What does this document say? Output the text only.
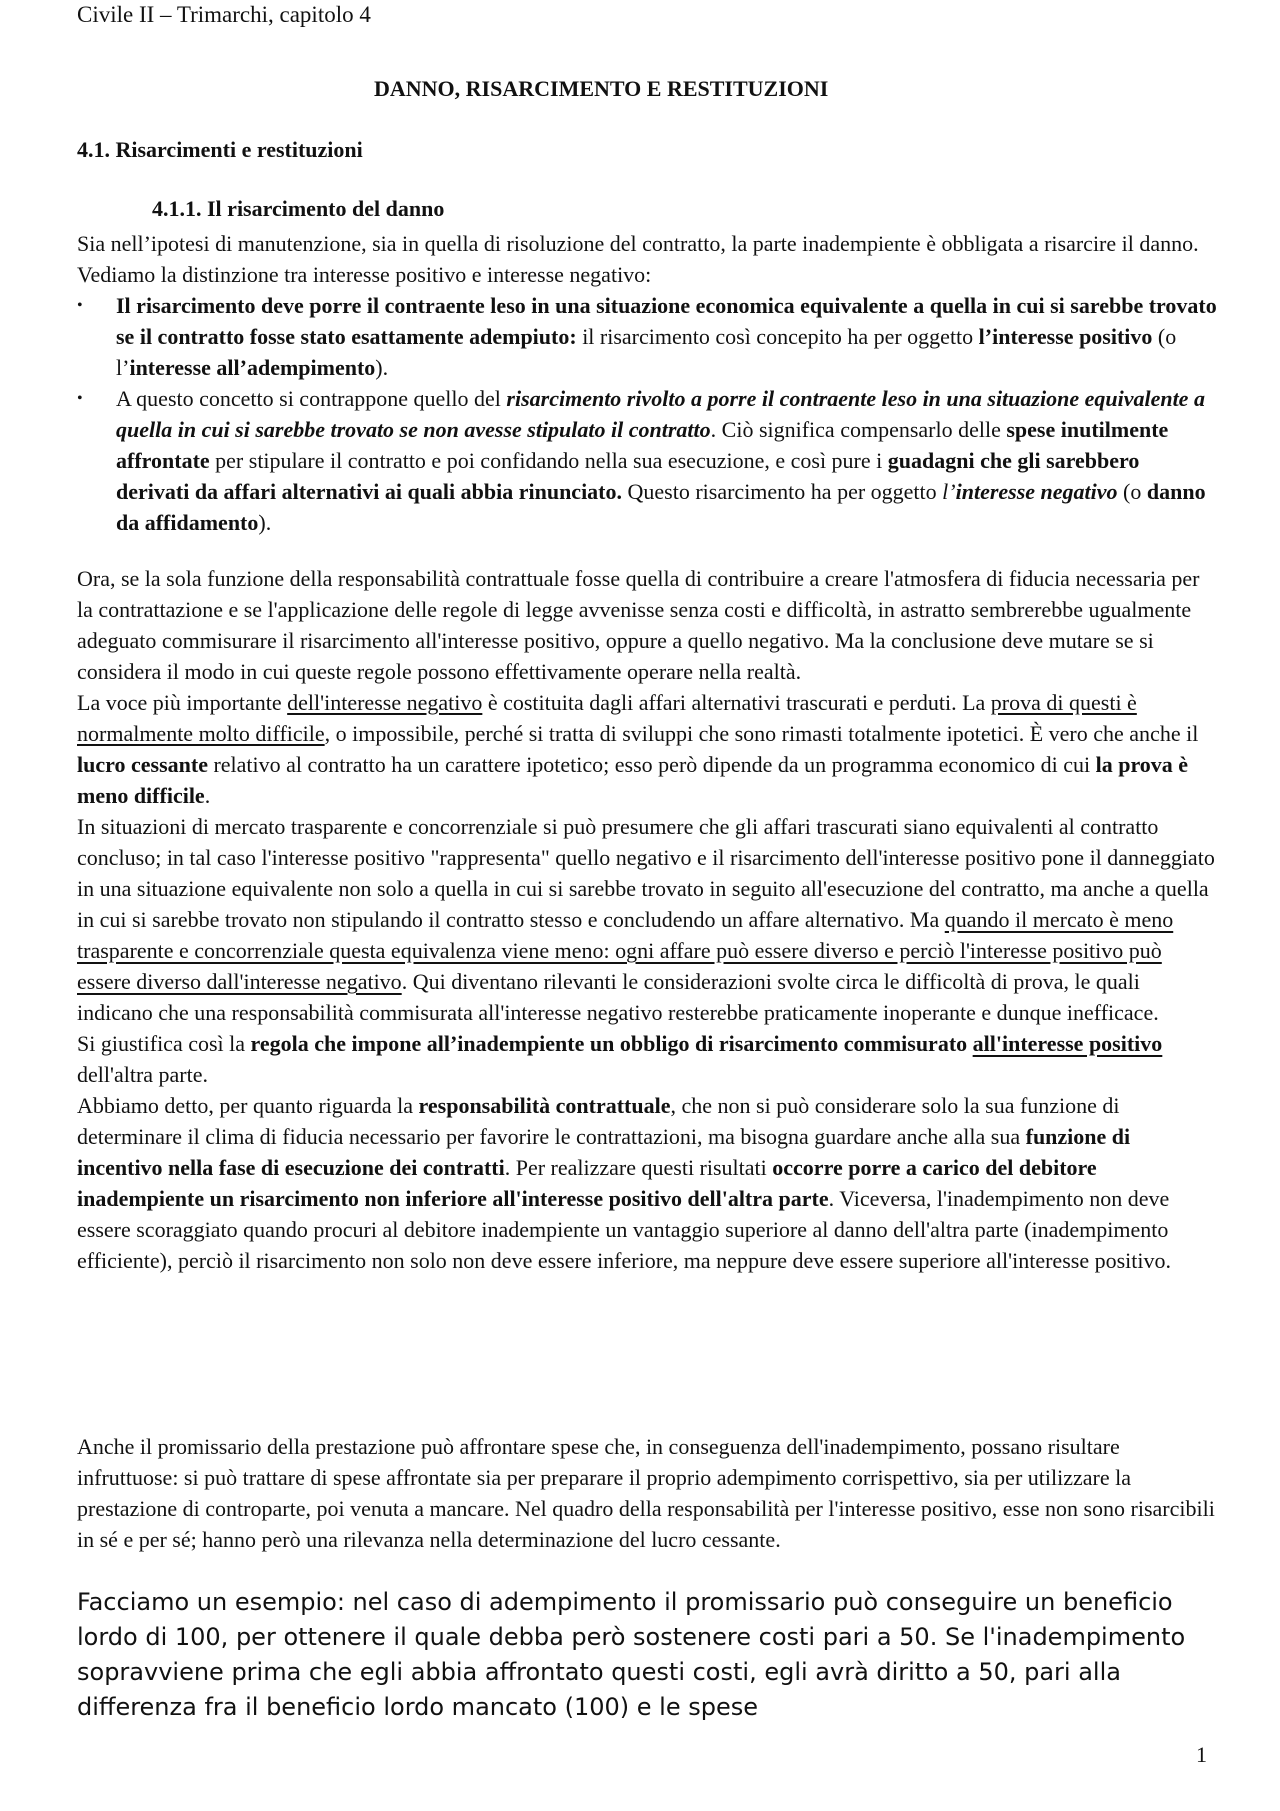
Civile II – Trimarchi, capitolo 4
DANNO, RISARCIMENTO E RESTITUZIONI
4.1. Risarcimenti e restituzioni
4.1.1. Il risarcimento del danno

Sia nell’ipotesi di manutenzione, sia in quella di risoluzione del contratto, la parte inadempiente è obbligata a risarcire il danno. Vediamo la distinzione tra interesse positivo e interesse negativo:

• Il risarcimento deve porre il contraente leso in una situazione economica equivalente a quella in cui si sarebbe trovato se il contratto fosse stato esattamente adempiuto: il risarcimento così concepito ha per oggetto l’interesse positivo (o l’interesse all’adempimento).
• A questo concetto si contrappone quello del risarcimento rivolto a porre il contraente leso in una situazione equivalente a quella in cui si sarebbe trovato se non avesse stipulato il contratto. Ciò significa compensarlo delle spese inutilmente affrontate per stipulare il contratto e poi confidando nella sua esecuzione, e così pure i guadagni che gli sarebbero derivati da affari alternativi ai quali abbia rinunciato. Questo risarcimento ha per oggetto l’interesse negativo (o danno da affidamento).

Ora, se la sola funzione della responsabilità contrattuale fosse quella di contribuire a creare l'atmosfera di fiducia necessaria per la contrattazione e se l'applicazione delle regole di legge avvenisse senza costi e difficoltà, in astratto sembrerebbe ugualmente adeguato commisurare il risarcimento all'interesse positivo, oppure a quello negativo. Ma la conclusione deve mutare se si considera il modo in cui queste regole possono effettivamente operare nella realtà.

La voce più importante dell'interesse negativo è costituita dagli affari alternativi trascurati e perduti. La prova di questi è normalmente molto difficile, o impossibile, perché si tratta di sviluppi che sono rimasti totalmente ipotetici. È vero che anche il lucro cessante relativo al contratto ha un carattere ipotetico; esso però dipende da un programma economico di cui la prova è meno difficile.

In situazioni di mercato trasparente e concorrenziale si può presumere che gli affari trascurati siano equivalenti al contratto concluso; in tal caso l'interesse positivo "rappresenta" quello negativo e il risarcimento dell'interesse positivo pone il danneggiato in una situazione equivalente non solo a quella in cui si sarebbe trovato in seguito all'esecuzione del contratto, ma anche a quella in cui si sarebbe trovato non stipulando il contratto stesso e concludendo un affare alternativo. Ma quando il mercato è meno trasparente e concorrenziale questa equivalenza viene meno: ogni affare può essere diverso e perciò l'interesse positivo può essere diverso dall'interesse negativo. Qui diventano rilevanti le considerazioni svolte circa le difficoltà di prova, le quali indicano che una responsabilità commisurata all'interesse negativo resterebbe praticamente inoperante e dunque inefficace.

Si giustifica così la regola che impone all’inadempiente un obbligo di risarcimento commisurato all'interesse positivo dell'altra parte.

Abbiamo detto, per quanto riguarda la responsabilità contrattuale, che non si può considerare solo la sua funzione di determinare il clima di fiducia necessario per favorire le contrattazioni, ma bisogna guardare anche alla sua funzione di incentivo nella fase di esecuzione dei contratti. Per realizzare questi risultati occorre porre a carico del debitore inadempiente un risarcimento non inferiore all'interesse positivo dell'altra parte. Viceversa, l'inadempimento non deve essere scoraggiato quando procuri al debitore inadempiente un vantaggio superiore al danno dell'altra parte (inadempimento efficiente), perciò il risarcimento non solo non deve essere inferiore, ma neppure deve essere superiore all'interesse positivo.

Anche il promissario della prestazione può affrontare spese che, in conseguenza dell'inadempimento, possano risultare infruttuose: si può trattare di spese affrontate sia per preparare il proprio adempimento corrispettivo, sia per utilizzare la prestazione di controparte, poi venuta a mancare. Nel quadro della responsabilità per l'interesse positivo, esse non sono risarcibili in sé e per sé; hanno però una rilevanza nella determinazione del lucro cessante.

Facciamo un esempio: nel caso di adempimento il promissario può conseguire un beneficio lordo di 100, per ottenere il quale debba però sostenere costi pari a 50. Se l'inadempimento sopravviene prima che egli abbia affrontato questi costi, egli avrà diritto a 50, pari alla differenza fra il beneficio lordo mancato (100) e le spese

1
